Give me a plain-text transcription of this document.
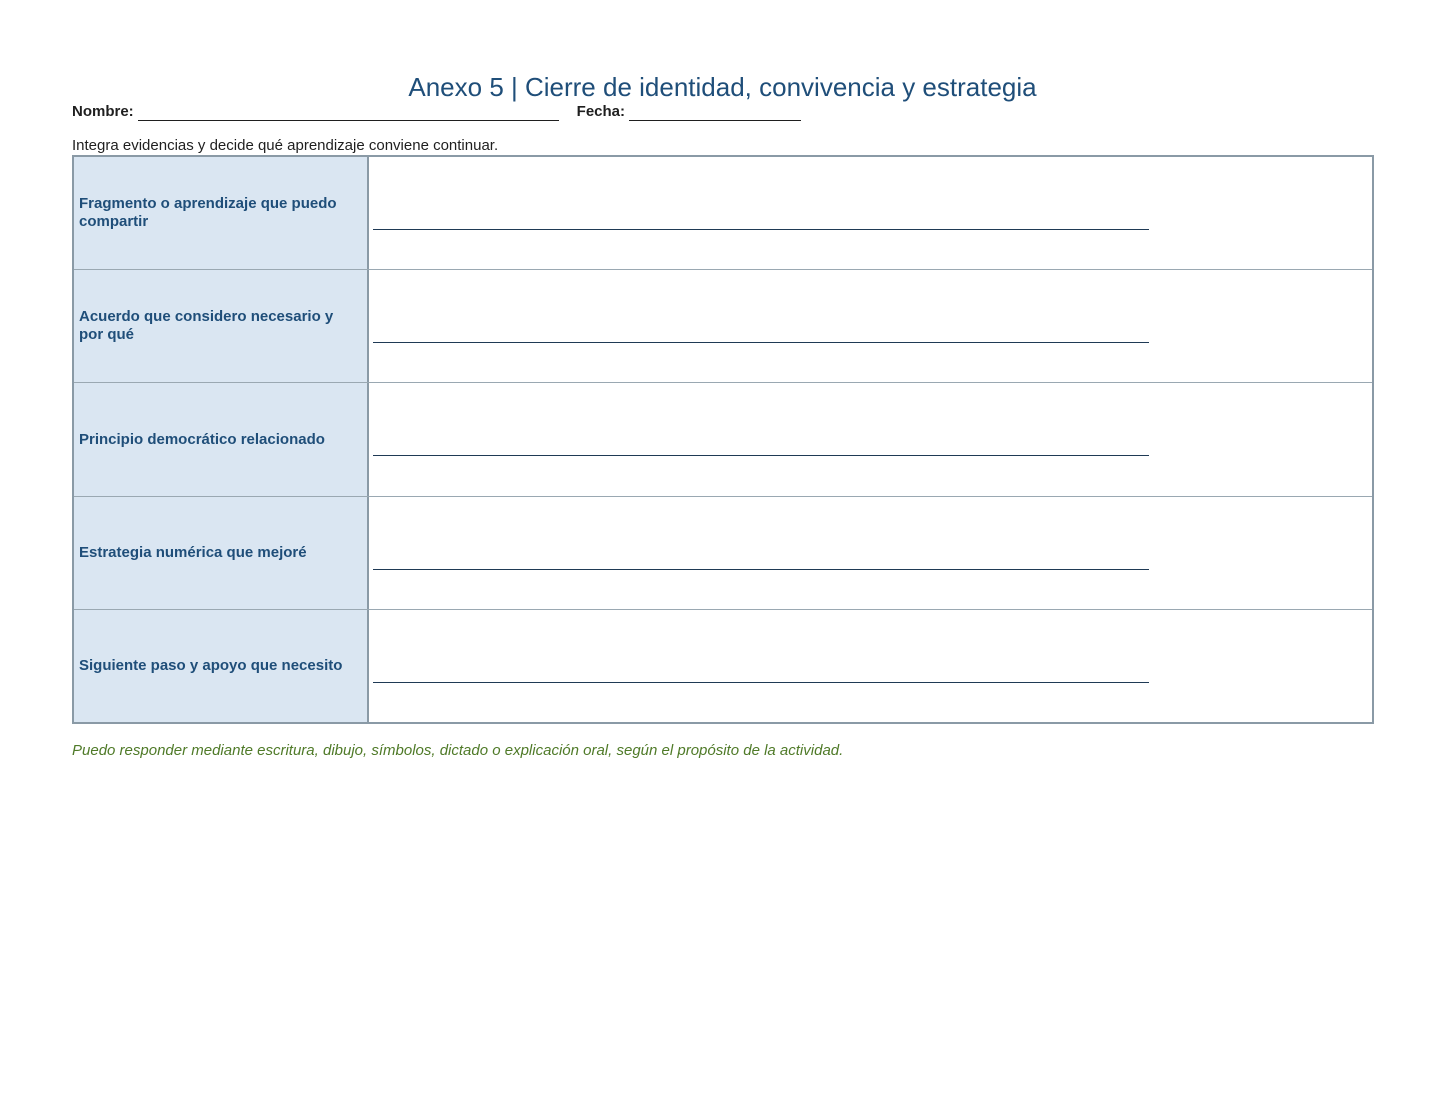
Anexo 5 | Cierre de identidad, convivencia y estrategia
Nombre:	Fecha:

Integra evidencias y decide qué aprendizaje conviene continuar.

Fragmento o aprendizaje que puedo compartir
Acuerdo que considero necesario y por qué
Principio democrático relacionado
Estrategia numérica que mejoré
Siguiente paso y apoyo que necesito

Puedo responder mediante escritura, dibujo, símbolos, dictado o explicación oral, según el propósito de la actividad.
